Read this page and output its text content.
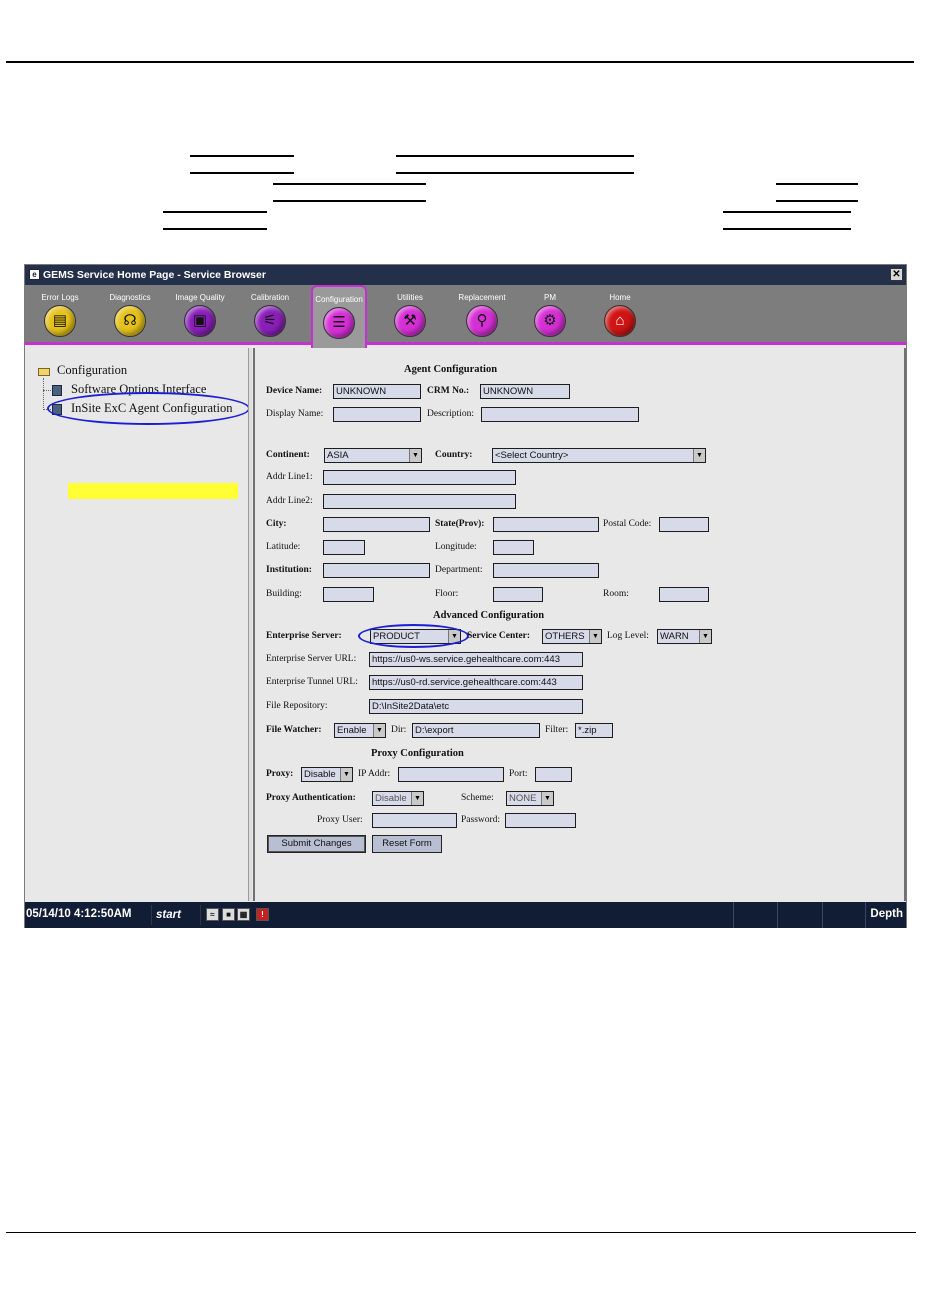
e GEMS Service Home Page - Service Browser	✕
Error Logs
▤
Diagnostics
☊
Image Quality
▣
Calibration
⚟
Configuration
☰
Utilities
⚒
Replacement
⚲
PM
⚙
Home
⌂
Configuration
Software Options Interface
InSite ExC Agent Configuration
Agent Configuration
Device Name:	UNKNOWN	CRM No.:	UNKNOWN
Display Name:	Description:
Continent:	ASIA	▼ Country:	<Select Country>	▼
Addr Line1:
Addr Line2:
City:	State(Prov):	Postal Code:
Latitude:	Longitude:
Institution:	Department:
Building:	Floor:	Room:
Advanced Configuration
Enterprise Server:	PRODUCT	▼ Service Center:	OTHERS	▼ Log Level:	WARN	▼
Enterprise Server URL:	https://us0-ws.service.gehealthcare.com:443
Enterprise Tunnel URL:	https://us0-rd.service.gehealthcare.com:443
File Repository:	D:\InSite2Data\etc
File Watcher:	Enable	▼ Dir: D:\export	Filter:	*.zip
Proxy Configuration
Proxy:	Disable	▼ IP Addr:	Port:
Proxy Authentication:	Disable	▼	Scheme:	NONE	▼
Proxy User:	Password:
Submit Changes	Reset Form
05/14/10 4:12:50AM	start	≈	■	▦	!	Depth
